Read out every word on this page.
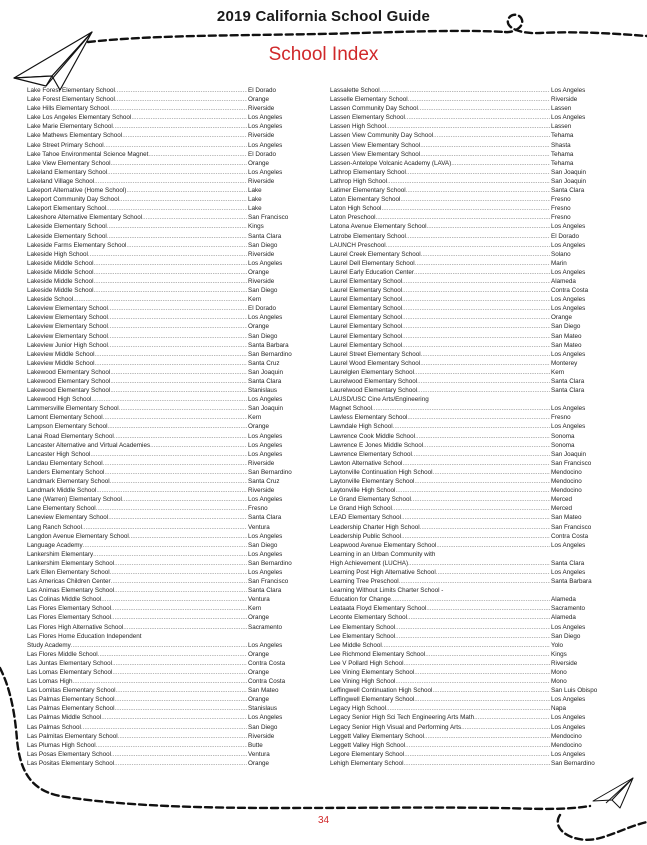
2019 California School Guide
School Index
Lake Forest Elementary School .....	El Dorado
Lake Forest Elementary School .....	Orange
Lake Hills Elementary School .....	Riverside
Lake Los Angeles Elementary School .....	Los Angeles
Lake Marie Elementary School .....	Los Angeles
Lake Mathews Elementary School .....	Riverside
Lake Street Primary School .....	Los Angeles
Lake Tahoe Environmental Science Magnet .....	El Dorado
Lake View Elementary School .....	Orange
Lakeland Elementary School .....	Los Angeles
Lakeland Village School .....	Riverside
Lakeport Alternative (Home School) .....	Lake
Lakeport Community Day School .....	Lake
Lakeport Elementary School .....	Lake
Lakeshore Alternative Elementary School .....	San Francisco
Lakeside Elementary School .....	Kings
Lakeside Elementary School .....	Santa Clara
Lakeside Farms Elementary School .....	San Diego
Lakeside High School .....	Riverside
Lakeside Middle School .....	Los Angeles
Lakeside Middle School .....	Orange
Lakeside Middle School .....	Riverside
Lakeside Middle School .....	San Diego
Lakeside School .....	Kern
Lakeview Elementary School .....	El Dorado
Lakeview Elementary School .....	Los Angeles
Lakeview Elementary School .....	Orange
Lakeview Elementary School .....	San Diego
Lakeview Junior High School .....	Santa Barbara
Lakeview Middle School .....	San Bernardino
Lakeview Middle School .....	Santa Cruz
Lakewood Elementary School .....	San Joaquin
Lakewood Elementary School .....	Santa Clara
Lakewood Elementary School .....	Stanislaus
Lakewood High School .....	Los Angeles
Lammersville Elementary School .....	San Joaquin
Lamont Elementary School .....	Kern
Lampson Elementary School .....	Orange
Lanai Road Elementary School .....	Los Angeles
Lancaster Alternative and Virtual Academies .....	Los Angeles
Lancaster High School .....	Los Angeles
Landau Elementary School .....	Riverside
Landers Elementary School .....	San Bernardino
Landmark Elementary School .....	Santa Cruz
Landmark Middle School .....	Riverside
Lane (Warren) Elementary School .....	Los Angeles
Lane Elementary School .....	Fresno
Laneview Elementary School .....	Santa Clara
Lang Ranch School .....	Ventura
Langdon Avenue Elementary School .....	Los Angeles
Language Academy .....	San Diego
Lankershim Elementary .....	Los Angeles
Lankershim Elementary School .....	San Bernardino
Lark Ellen Elementary School .....	Los Angeles
Las Americas Children Center .....	San Francisco
Las Animas Elementary School .....	Santa Clara
Las Colinas Middle School .....	Ventura
Las Flores Elementary School .....	Kern
Las Flores Elementary School .....	Orange
Las Flores High Alternative School .....	Sacramento
Las Flores Home Education Independent
Study Academy .....	Los Angeles
Las Flores Middle School .....	Orange
Las Juntas Elementary School .....	Contra Costa
Las Lomas Elementary School .....	Orange
Las Lomas High .....	Contra Costa
Las Lomitas Elementary School .....	San Mateo
Las Palmas Elementary School .....	Orange
Las Palmas Elementary School .....	Stanislaus
Las Palmas Middle School .....	Los Angeles
Las Palmas School .....	San Diego
Las Palmitas Elementary School .....	Riverside
Las Plumas High School .....	Butte
Las Posas Elementary School .....	Ventura
Las Positas Elementary School .....	Orange
Lassalette School .....	Los Angeles
Lasselle Elementary School .....	Riverside
Lassen Community Day School .....	Lassen
Lassen Elementary School .....	Los Angeles
Lassen High School .....	Lassen
Lassen View Community Day School .....	Tehama
Lassen View Elementary School .....	Shasta
Lassen View Elementary School .....	Tehama
Lassen-Antelope Volcanic Academy (LAVA) .....	Tehama
Lathrop Elementary School .....	San Joaquin
Lathrop High School .....	San Joaquin
Latimer Elementary School .....	Santa Clara
Laton Elementary School .....	Fresno
Laton High School .....	Fresno
Laton Preschool .....	Fresno
Latona Avenue Elementary School .....	Los Angeles
Latrobe Elementary School .....	El Dorado
LAUNCH Preschool .....	Los Angeles
Laurel Creek Elementary School .....	Solano
Laurel Dell Elementary School .....	Marin
Laurel Early Education Center .....	Los Angeles
Laurel Elementary School .....	Alameda
Laurel Elementary School .....	Contra Costa
Laurel Elementary School .....	Los Angeles
Laurel Elementary School .....	Los Angeles
Laurel Elementary School .....	Orange
Laurel Elementary School .....	San Diego
Laurel Elementary School .....	San Mateo
Laurel Elementary School .....	San Mateo
Laurel Street Elementary School .....	Los Angeles
Laurel Wood Elementary School .....	Monterey
Laurelglen Elementary School .....	Kern
Laurelwood Elementary School .....	Santa Clara
Laurelwood Elementary School .....	Santa Clara
LAUSD/USC Cine Arts/Engineering
Magnet School .....	Los Angeles
Lawless Elementary School .....	Fresno
Lawndale High School .....	Los Angeles
Lawrence Cook Middle School .....	Sonoma
Lawrence E Jones Middle School .....	Sonoma
Lawrence Elementary School .....	San Joaquin
Lawton Alternative School .....	San Francisco
Laytonville Continuation High School .....	Mendocino
Laytonville Elementary School .....	Mendocino
Laytonville High School .....	Mendocino
Le Grand Elementary School .....	Merced
Le Grand High School .....	Merced
LEAD Elementary School .....	San Mateo
Leadership Charter High School .....	San Francisco
Leadership Public School .....	Contra Costa
Leapwood Avenue Elementary School .....	Los Angeles
Learning in an Urban Community with
High Achievement (LUCHA) .....	Santa Clara
Learning Post High Alternative School .....	Los Angeles
Learning Tree Preschool .....	Santa Barbara
Learning Without Limits Charter School -
Education for Change .....	Alameda
Leataata Floyd Elementary School .....	Sacramento
Leconte Elementary School .....	Alameda
Lee Elementary School .....	Los Angeles
Lee Elementary School .....	San Diego
Lee Middle School .....	Yolo
Lee Richmond Elementary School .....	Kings
Lee V Pollard High School .....	Riverside
Lee Vining Elementary School .....	Mono
Lee Vining High School .....	Mono
Leffingwell Continuation High School .....	San Luis Obispo
Leffingwell Elementary School .....	Los Angeles
Legacy High School .....	Napa
Legacy Senior High Sci Tech Engineering Arts Math .....	Los Angeles
Legacy Senior High Visual and Performing Arts .....	Los Angeles
Leggett Valley Elementary School .....	Mendocino
Leggett Valley High School .....	Mendocino
Legore Elementary School .....	Los Angeles
Lehigh Elementary School .....	San Bernardino
34
